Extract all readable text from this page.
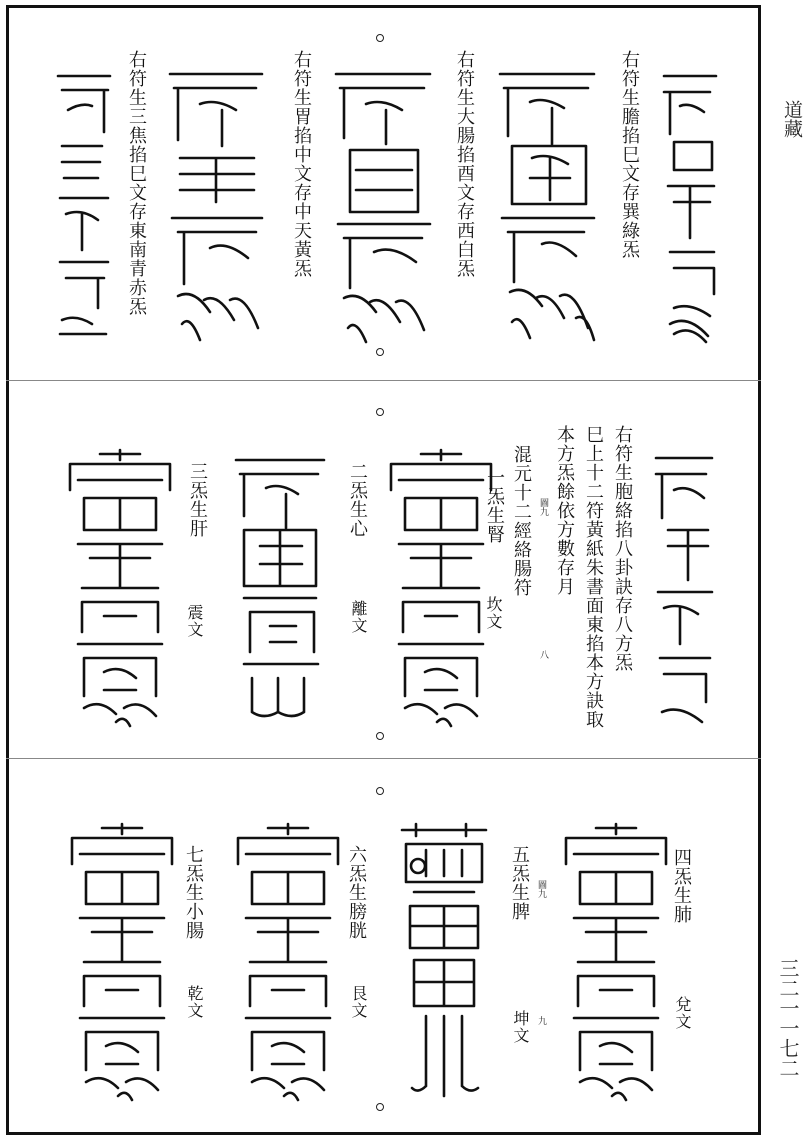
道藏
三二一一七二
右符生膽掐巳文存巽綠炁
右符生大腸掐酉文存西白炁
右符生胃掐中文存中天黃炁
右符生三焦掐巳文存東南青赤炁
右符生胞絡掐八卦訣存八方炁
巳上十二符黃紙朱書面東掐本方訣取
本方炁餘依方數存月
混元十二經絡腸符 圖九
八
一炁生腎
坎文
二炁生心
離文
三炁生肝
震文
四炁生肺
兌文
五炁生脾
坤文
圖九
九
六炁生膀胱
艮文
七炁生小腸
乾文
